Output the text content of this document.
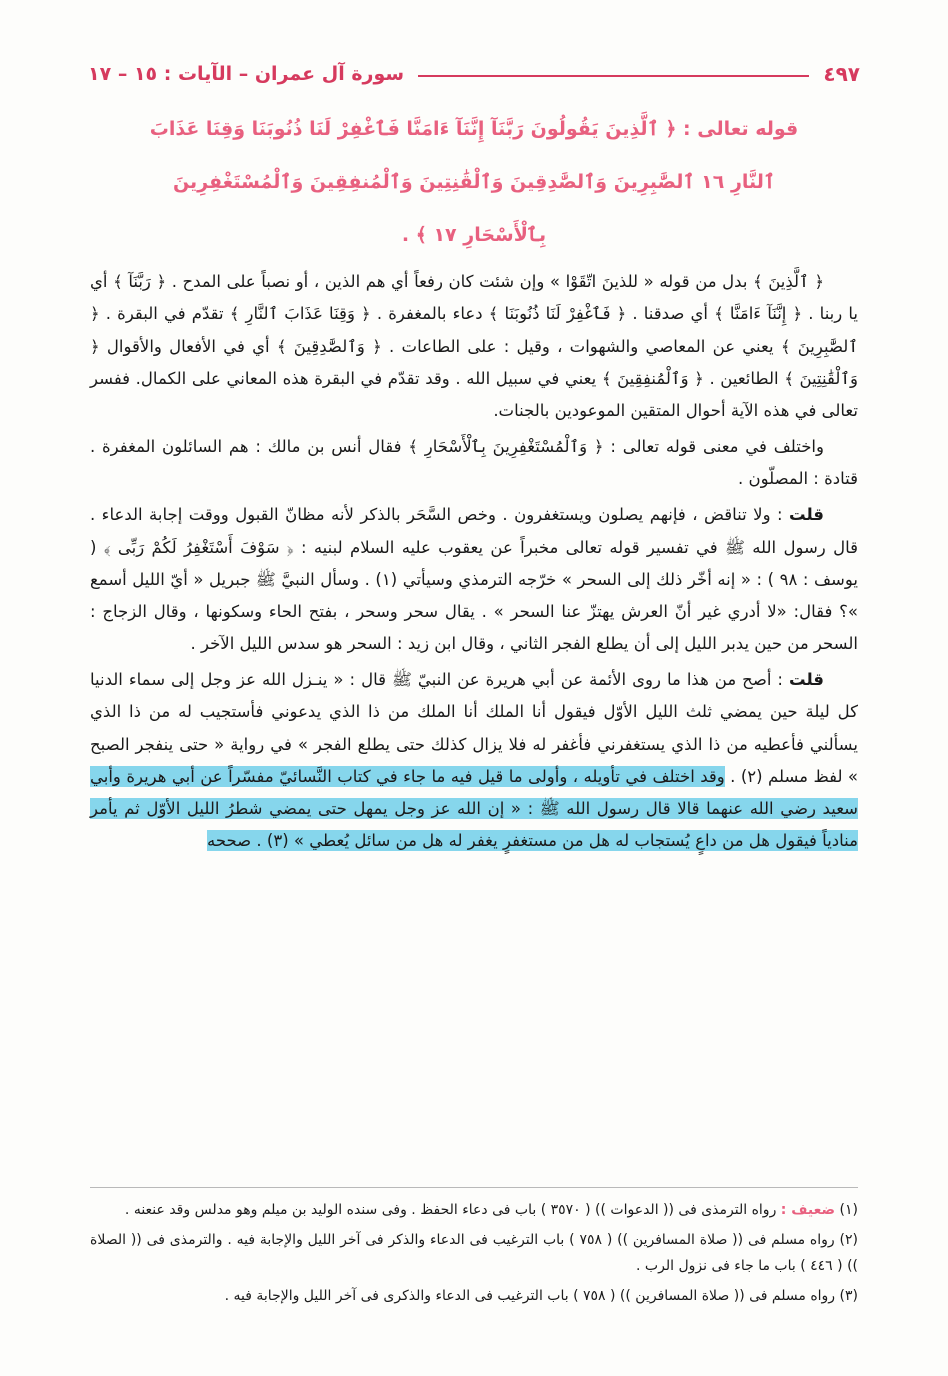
سورة آل عمران – الآيات : ١٥ – ١٧	٤٩٧
قوله تعالى : ﴿ ٱلَّذِينَ يَقُولُونَ رَبَّنَآ إِنَّنَآ ءَامَنَّا فَٱغْفِرْ لَنَا ذُنُوبَنَا وَقِنَا عَذَابَ
ٱلنَّارِ ١٦ ٱلصَّٰبِرِينَ وَٱلصَّٰدِقِينَ وَٱلْقَٰنِتِينَ وَٱلْمُنفِقِينَ وَٱلْمُسْتَغْفِرِينَ
بِٱلْأَسْحَارِ ١٧ ﴾ .

﴿ ٱلَّذِينَ ﴾ بدل من قوله « للذينَ اتّقَوْا » وإن شئت كان رفعاً أي هم الذين ، أو نصباً على المدح . ﴿ رَبَّنَآ ﴾ أي يا ربنا . ﴿ إِنَّنَآ ءَامَنَّا ﴾ أي صدقنا . ﴿ فَٱغْفِرْ لَنَا ذُنُوبَنَا ﴾ دعاء بالمغفرة . ﴿ وَقِنَا عَذَابَ ٱلنَّارِ ﴾ تقدّم في البقرة . ﴿ ٱلصَّٰبِرِينَ ﴾ يعني عن المعاصي والشهوات ، وقيل : على الطاعات . ﴿ وَٱلصَّٰدِقِينَ ﴾ أي في الأفعال والأقوال ﴿ وَٱلْقَٰنِتِينَ ﴾ الطائعين . ﴿ وَٱلْمُنفِقِينَ ﴾ يعني في سبيل الله . وقد تقدّم في البقرة هذه المعاني على الكمال. ففسر تعالى في هذه الآية أحوال المتقين الموعودين بالجنات.

واختلف في معنى قوله تعالى : ﴿ وَٱلْمُسْتَغْفِرِينَ بِٱلْأَسْحَارِ ﴾ فقال أنس بن مالك : هم السائلون المغفرة . قتادة : المصلّون .

قلت : ولا تناقض ، فإنهم يصلون ويستغفرون . وخص السَّحَر بالذكر لأنه مظانّ القبول ووقت إجابة الدعاء . قال رسول الله ﷺ في تفسير قوله تعالى مخبراً عن يعقوب عليه السلام لبنيه : ﴿ سَوْفَ أَسْتَغْفِرُ لَكُمْ رَبِّى ﴾ ( يوسف : ٩٨ ) : « إنه أخّر ذلك إلى السحر » خرّجه الترمذي وسيأتي (١) . وسأل النبيَّ ﷺ جبريل « أيّ الليل أسمع »؟ فقال: «لا أدري غير أنّ العرش يهتزّ عنا السحر » . يقال سحر وسحر ، بفتح الحاء وسكونها ، وقال الزجاج : السحر من حين يدبر الليل إلى أن يطلع الفجر الثاني ، وقال ابن زيد : السحر هو سدس الليل الآخر .

قلت : أصح من هذا ما روى الأئمة عن أبي هريرة عن النبيّ ﷺ قال : « ينـزل الله عز وجل إلى سماء الدنيا كل ليلة حين يمضي ثلث الليل الأوّل فيقول أنا الملك أنا الملك من ذا الذي يدعوني فأستجيب له من ذا الذي يسألني فأعطيه من ذا الذي يستغفرني فأغفر له فلا يزال كذلك حتى يطلع الفجر » في رواية « حتى ينفجر الصبح » لفظ مسلم (٢) . وقد اختلف في تأويله ، وأولى ما قيل فيه ما جاء في كتاب النَّسائيّ مفسّراً عن أبي هريرة وأبي سعيد رضي الله عنهما قالا قال رسول الله ﷺ : « إن الله عز وجل يمهل حتى يمضي شطرُ الليل الأوّل ثم يأمر منادياً فيقول هل من داعٍ يُستجاب له هل من مستغفرٍ يغفر له هل من سائل يُعطي » (٣) . صححه

(١) ضعيف : رواه الترمذى فى (( الدعوات )) ( ٣٥٧٠ ) باب فى دعاء الحفظ . وفى سنده الوليد بن ميلم وهو مدلس وقد عنعنه .
(٢) رواه مسلم فى (( صلاة المسافرين )) ( ٧٥٨ ) باب الترغيب فى الدعاء والذكر فى آخر الليل والإجابة فيه . والترمذى فى (( الصلاة )) ( ٤٤٦ ) باب ما جاء فى نزول الرب .
(٣) رواه مسلم فى (( صلاة المسافرين )) ( ٧٥٨ ) باب الترغيب فى الدعاء والذكرى فى آخر الليل والإجابة فيه .
